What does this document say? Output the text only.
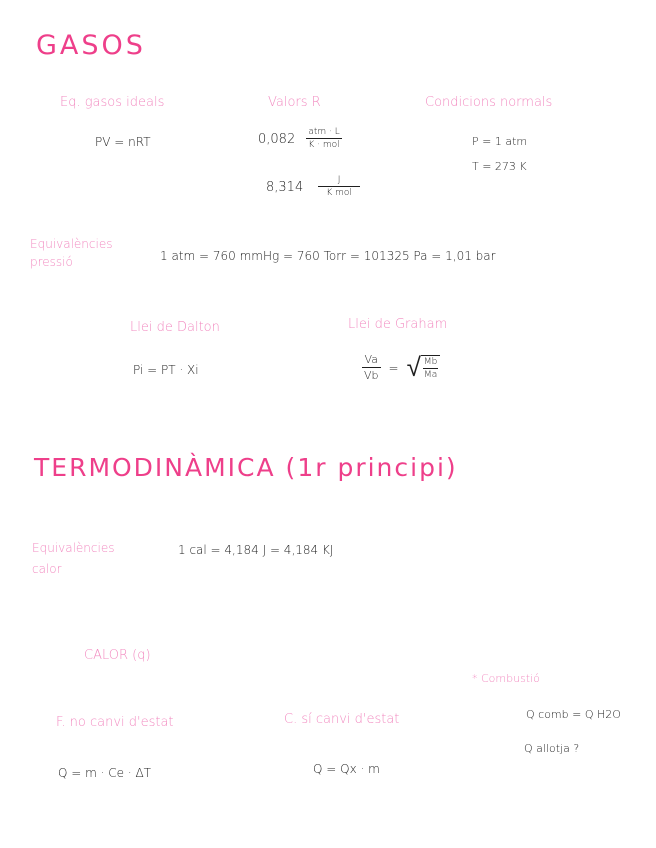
GASOS
Eq. gasos ideals
PV = nRT
Valors R
$0,082 \frac{\text{atm · L}}{\text{K · mol}}$
$8,314 \frac{J}{\text{K mol}}$
Condicions normals
P = 1 atm
T = 273 K
Equivalències
pressió	1 atm = 760 mmHg = 760 Torr = 101325 Pa = 1,01 bar
Llei de Dalton
Pi = PT · Xi
Llei de Graham
$\frac{Va}{Vb}$ = √ $\frac{Mb}{Ma}$
TERMODINÀMICA (1r principi)
Equivalències
calor
1 cal = 4,184 J = 4,184 KJ
CALOR (q)
* Combustió
Q comb = Q H2O
Q allotja ?
F. no canvi d'estat
Q = m · Ce · ΔT
C. sí canvi d'estat
Q = Qx · m
